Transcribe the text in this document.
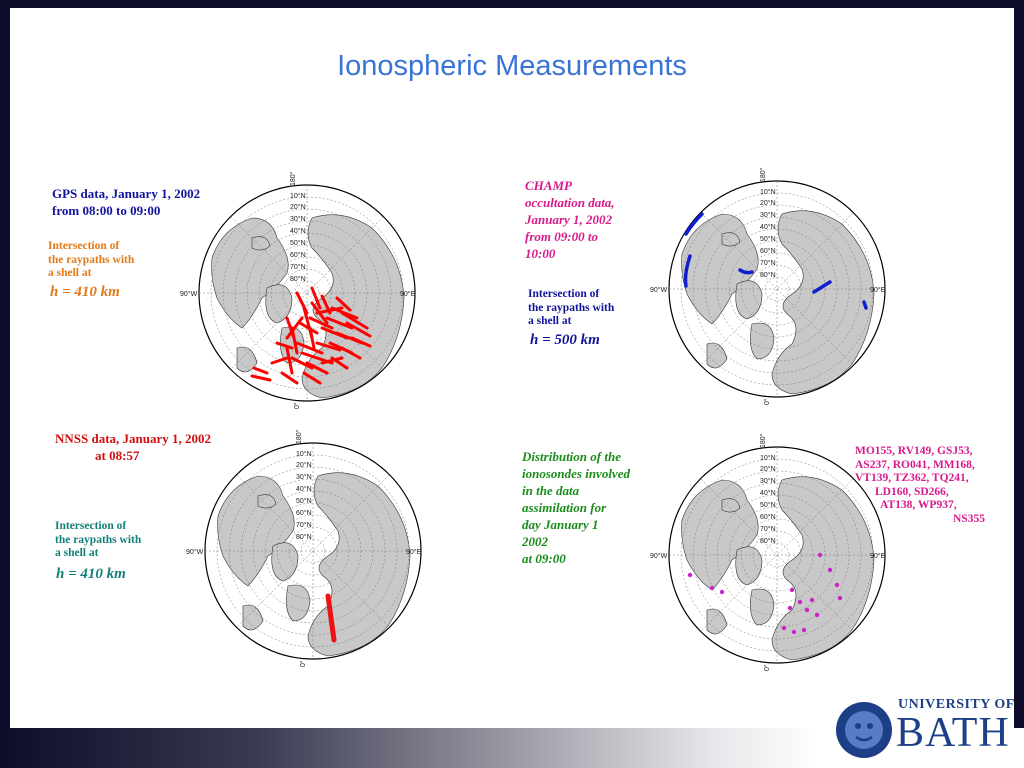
Ionospheric Measurements
GPS data, January 1, 2002
from 08:00 to 09:00
Intersection of
the raypaths with
a shell at
h = 410 km
CHAMP
occultation data,
January 1, 2002
from 09:00 to
10:00
Intersection of
the raypaths with
a shell at
h = 500 km
NNSS data, January 1, 2002
at 08:57
Intersection of
the raypaths with
a shell at
h = 410 km
Distribution of the
ionosondes involved
in the data
assimilation for
day January 1
2002
at 09:00
MO155, RV149, GSJ53,
AS237, RO041, MM168,
VT139, TZ362, TQ241,
LD160, SD266,
AT138, WP937,
NS355
UNIVERSITY OF
BATH
